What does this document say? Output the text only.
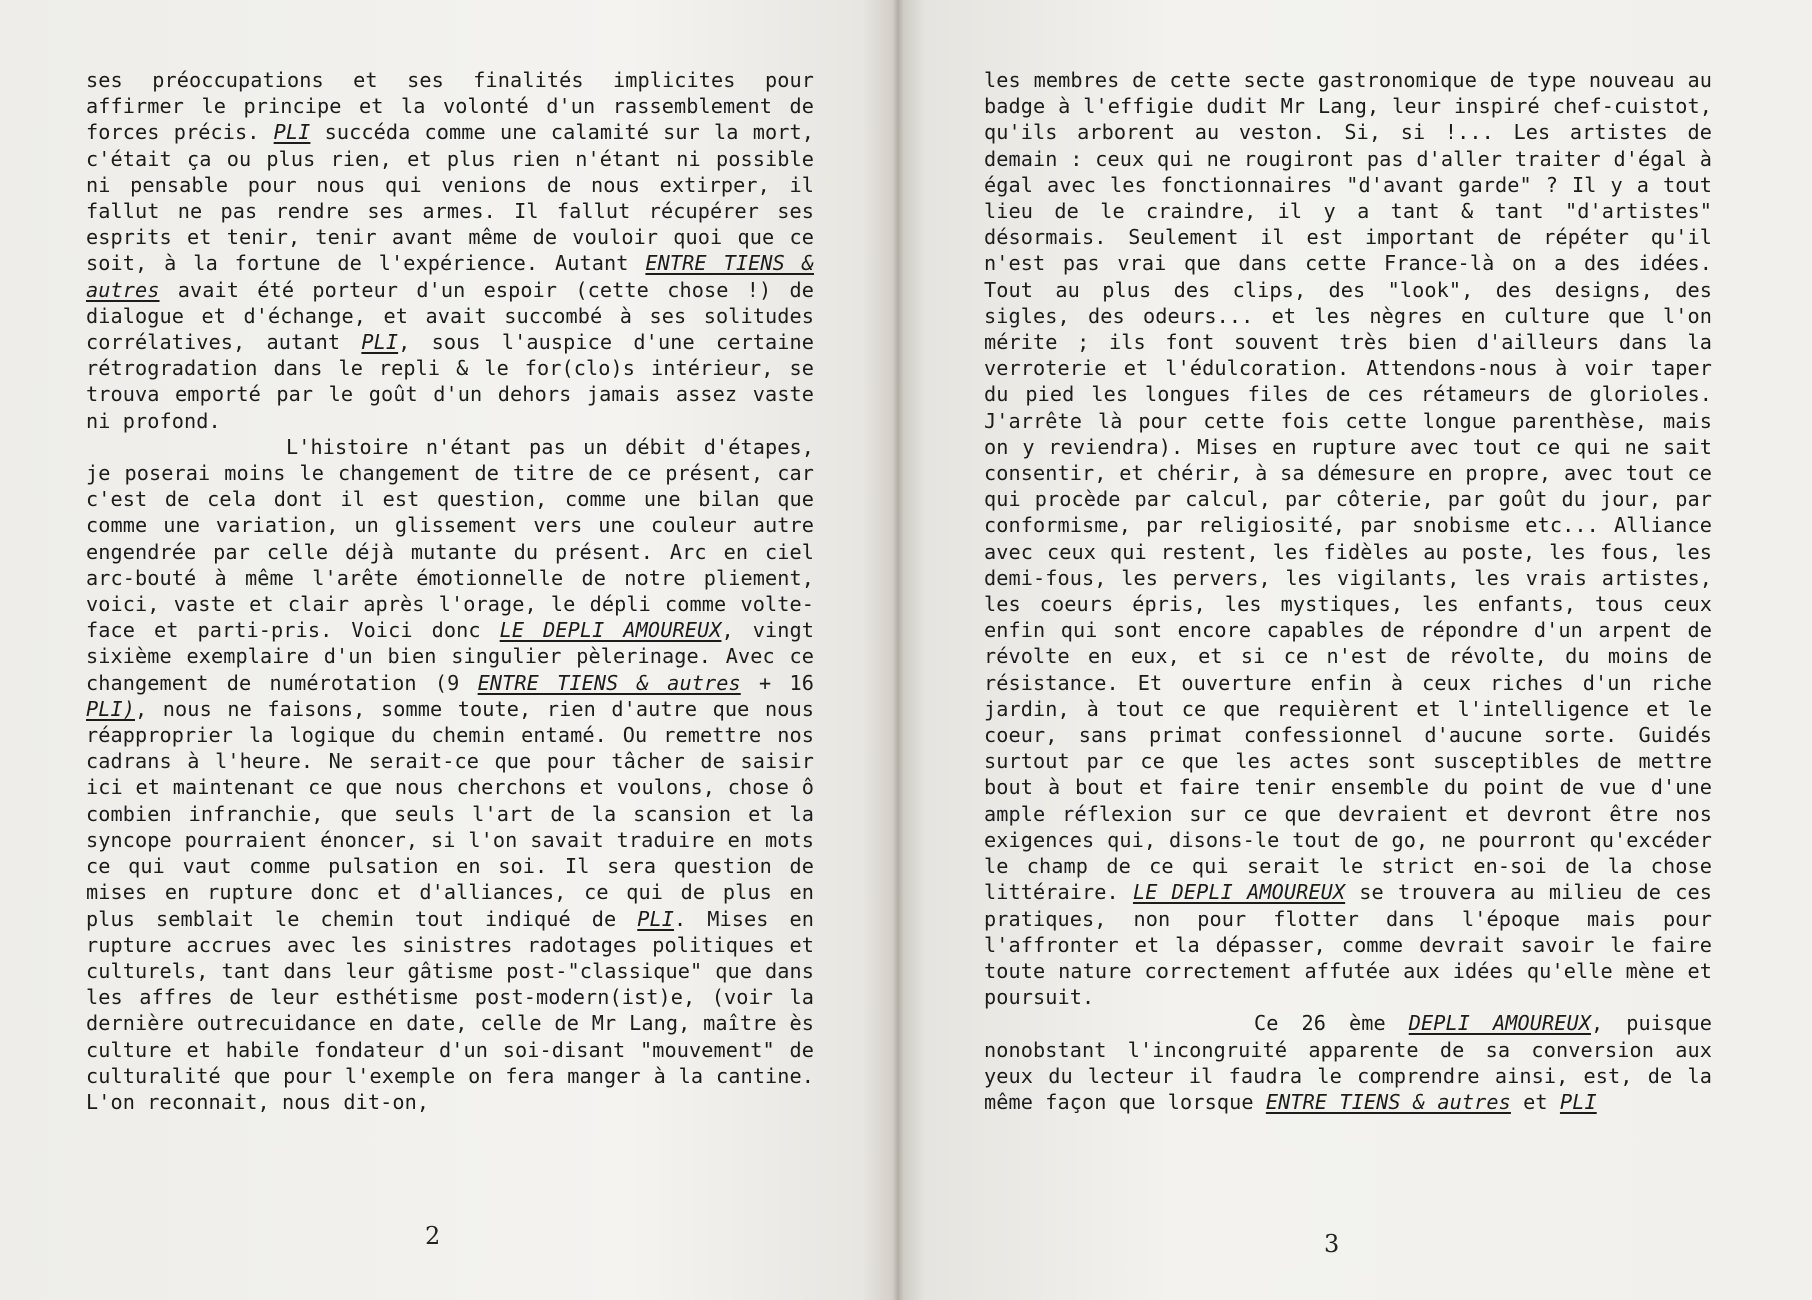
ses préoccupations et ses finalités implicites pour affirmer le principe et la volonté d'un rassemblement de forces précis. PLI succéda comme une calamité sur la mort, c'était ça ou plus rien, et plus rien n'étant ni possible ni pensable pour nous qui venions de nous extirper, il fallut ne pas rendre ses armes. Il fallut récupérer ses esprits et tenir, tenir avant même de vouloir quoi que ce soit, à la fortune de l'expérience. Autant ENTRE TIENS & autres avait été porteur d'un espoir (cette chose !) de dialogue et d'échange, et avait succombé à ses solitudes corrélatives, autant PLI, sous l'auspice d'une certaine rétrogradation dans le repli & le for(clo)s intérieur, se trouva emporté par le goût d'un dehors jamais assez vaste ni profond.

L'histoire n'étant pas un débit d'étapes, je poserai moins le changement de titre de ce présent, car c'est de cela dont il est question, comme une bilan que comme une variation, un glissement vers une couleur autre engendrée par celle déjà mutante du présent. Arc en ciel arc-bouté à même l'arête émotionnelle de notre pliement, voici, vaste et clair après l'orage, le dépli comme volte-face et parti-pris. Voici donc LE DEPLI AMOUREUX, vingt sixième exemplaire d'un bien singulier pèlerinage. Avec ce changement de numérotation (9 ENTRE TIENS & autres + 16 PLI), nous ne faisons, somme toute, rien d'autre que nous réapproprier la logique du chemin entamé. Ou remettre nos cadrans à l'heure. Ne serait-ce que pour tâcher de saisir ici et maintenant ce que nous cherchons et voulons, chose ô combien infranchie, que seuls l'art de la scansion et la syncope pourraient énoncer, si l'on savait traduire en mots ce qui vaut comme pulsation en soi. Il sera question de mises en rupture donc et d'alliances, ce qui de plus en plus semblait le chemin tout indiqué de PLI. Mises en rupture accrues avec les sinistres radotages politiques et culturels, tant dans leur gâtisme post-"classique" que dans les affres de leur esthétisme post-modern(ist)e, (voir la dernière outrecuidance en date, celle de Mr Lang, maître ès culture et habile fondateur d'un soi-disant "mouvement" de culturalité que pour l'exemple on fera manger à la cantine. L'on reconnait, nous dit-on,

2

les membres de cette secte gastronomique de type nouveau au badge à l'effigie dudit Mr Lang, leur inspiré chef-cuistot, qu'ils arborent au veston. Si, si !... Les artistes de demain : ceux qui ne rougiront pas d'aller traiter d'égal à égal avec les fonctionnaires "d'avant garde" ? Il y a tout lieu de le craindre, il y a tant & tant "d'artistes" désormais. Seulement il est important de répéter qu'il n'est pas vrai que dans cette France-là on a des idées. Tout au plus des clips, des "look", des designs, des sigles, des odeurs... et les nègres en culture que l'on mérite ; ils font souvent très bien d'ailleurs dans la verroterie et l'édulcoration. Attendons-nous à voir taper du pied les longues files de ces rétameurs de glorioles. J'arrête là pour cette fois cette longue parenthèse, mais on y reviendra). Mises en rupture avec tout ce qui ne sait consentir, et chérir, à sa démesure en propre, avec tout ce qui procède par calcul, par côterie, par goût du jour, par conformisme, par religiosité, par snobisme etc... Alliance avec ceux qui restent, les fidèles au poste, les fous, les demi-fous, les pervers, les vigilants, les vrais artistes, les coeurs épris, les mystiques, les enfants, tous ceux enfin qui sont encore capables de répondre d'un arpent de révolte en eux, et si ce n'est de révolte, du moins de résistance. Et ouverture enfin à ceux riches d'un riche jardin, à tout ce que requièrent et l'intelligence et le coeur, sans primat confessionnel d'aucune sorte. Guidés surtout par ce que les actes sont susceptibles de mettre bout à bout et faire tenir ensemble du point de vue d'une ample réflexion sur ce que devraient et devront être nos exigences qui, disons-le tout de go, ne pourront qu'excéder le champ de ce qui serait le strict en-soi de la chose littéraire. LE DEPLI AMOUREUX se trouvera au milieu de ces pratiques, non pour flotter dans l'époque mais pour l'affronter et la dépasser, comme devrait savoir le faire toute nature correctement affutée aux idées qu'elle mène et poursuit.

Ce 26 ème DEPLI AMOUREUX, puisque nonobstant l'incongruité apparente de sa conversion aux yeux du lecteur il faudra le comprendre ainsi, est, de la même façon que lorsque ENTRE TIENS & autres et PLI

3
